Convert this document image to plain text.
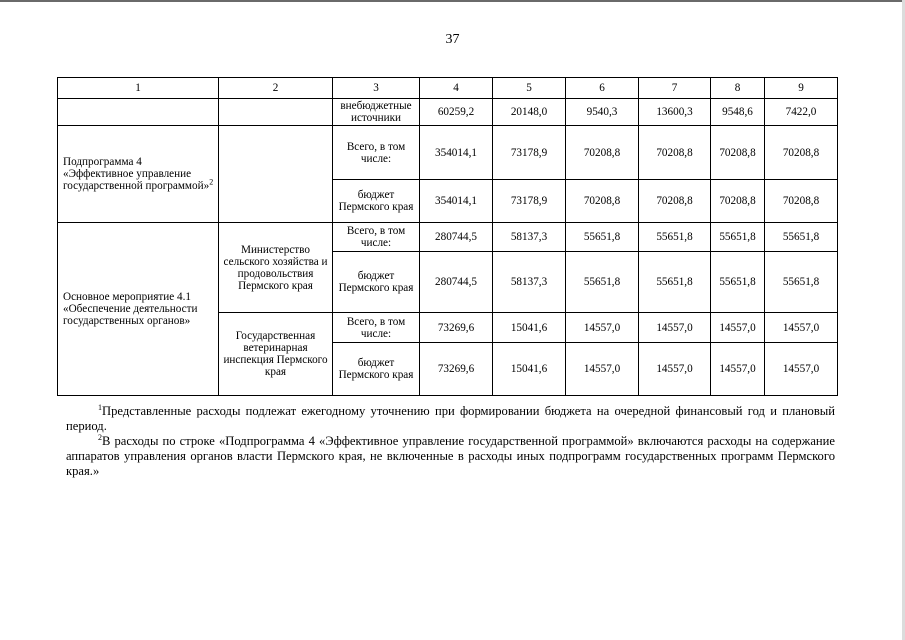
37
1	2	3	4	5	6	7	8	9
		внебюджетные источники	60259,2	20148,0	9540,3	13600,3	9548,6	7422,0
Подпрограмма 4 «Эффективное управление государственной программой»$^2$		Всего, в том числе:	354014,1	73178,9	70208,8	70208,8	70208,8	70208,8
		бюджет Пермского края	354014,1	73178,9	70208,8	70208,8	70208,8	70208,8
Основное мероприятие 4.1 «Обеспечение деятельности государственных органов»	Министерство сельского хозяйства и продовольствия Пермского края	Всего, в том числе:	280744,5	58137,3	55651,8	55651,8	55651,8	55651,8
		бюджет Пермского края	280744,5	58137,3	55651,8	55651,8	55651,8	55651,8
	Государственная ветеринарная инспекция Пермского края	Всего, в том числе:	73269,6	15041,6	14557,0	14557,0	14557,0	14557,0
		бюджет Пермского края	73269,6	15041,6	14557,0	14557,0	14557,0	14557,0
$^1$Представленные расходы подлежат ежегодному уточнению при формировании бюджета на очередной финансовый год и плановый период.
$^2$В расходы по строке «Подпрограмма 4 «Эффективное управление государственной программой» включаются расходы на содержание аппаратов управления органов власти Пермского края, не включенные в расходы иных подпрограмм государственных программ Пермского края.»
